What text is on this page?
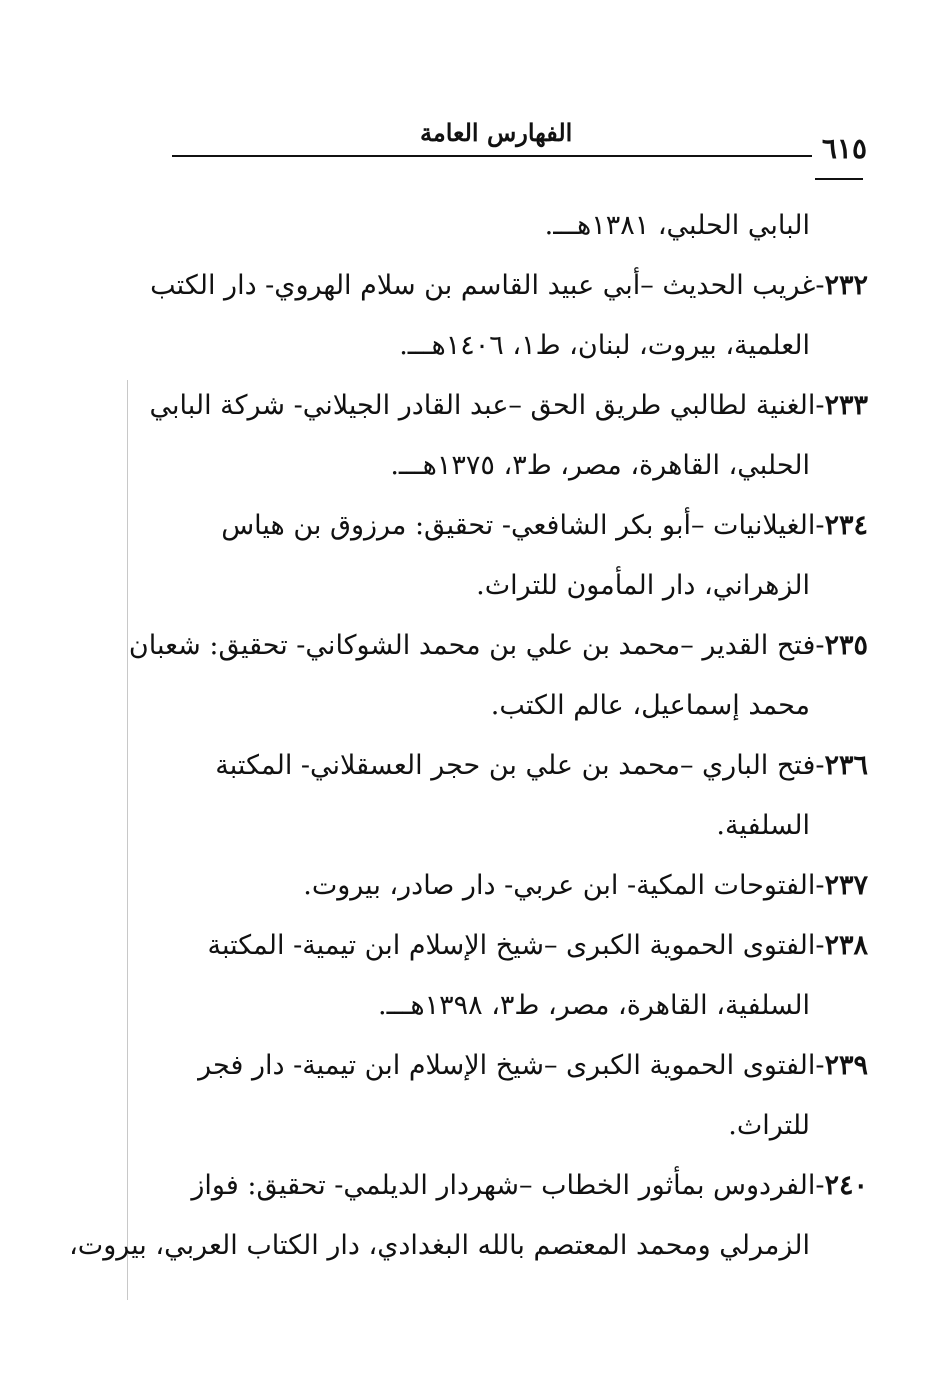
٦١٥
الفهارس العامة
البابي الحلبي، ١٣٨١هـــ.
٢٣٢-غريب الحديث –أبي عبيد القاسم بن سلام الهروي- دار الكتب
العلمية، بيروت، لبنان، ط١، ١٤٠٦هـــ.
٢٣٣-الغنية لطالبي طريق الحق –عبد القادر الجيلاني- شركة البابي
الحلبي، القاهرة، مصر، ط٣، ١٣٧٥هـــ.
٢٣٤-الغيلانيات –أبو بكر الشافعي- تحقيق: مرزوق بن هياس
الزهراني، دار المأمون للتراث.
٢٣٥-فتح القدير –محمد بن علي بن محمد الشوكاني- تحقيق: شعبان
محمد إسماعيل، عالم الكتب.
٢٣٦-فتح الباري –محمد بن علي بن حجر العسقلاني- المكتبة
السلفية.
٢٣٧-الفتوحات المكية- ابن عربي- دار صادر، بيروت.
٢٣٨-الفتوى الحموية الكبرى –شيخ الإسلام ابن تيمية- المكتبة
السلفية، القاهرة، مصر، ط٣، ١٣٩٨هـــ.
٢٣٩-الفتوى الحموية الكبرى –شيخ الإسلام ابن تيمية- دار فجر
للتراث.
٢٤٠-الفردوس بمأثور الخطاب –شهردار الديلمي- تحقيق: فواز
الزمرلي ومحمد المعتصم بالله البغدادي، دار الكتاب العربي، بيروت،
